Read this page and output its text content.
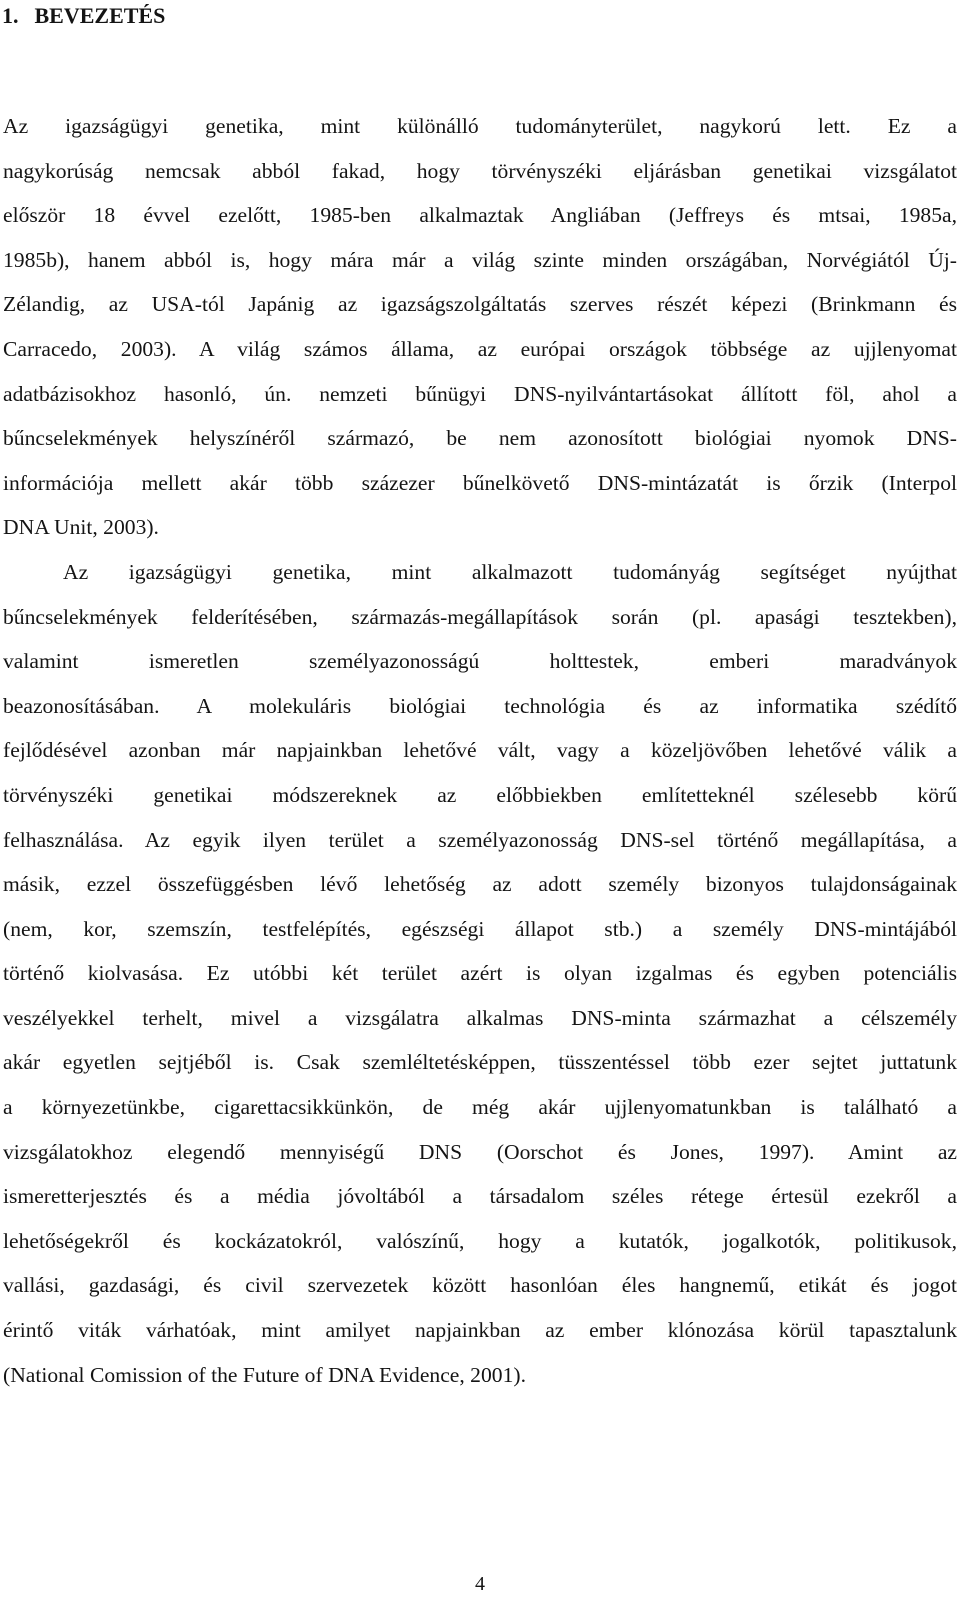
1. BEVEZETÉS
Az igazságügyi genetika, mint különálló tudományterület, nagykorú lett. Ez a
nagykorúság nemcsak abból fakad, hogy törvényszéki eljárásban genetikai vizsgálatot
először 18 évvel ezelőtt, 1985-ben alkalmaztak Angliában (Jeffreys és mtsai, 1985a,
1985b), hanem abból is, hogy mára már a világ szinte minden országában, Norvégiától Új-
Zélandig, az USA-tól Japánig az igazságszolgáltatás szerves részét képezi (Brinkmann és
Carracedo, 2003). A világ számos állama, az európai országok többsége az ujjlenyomat
adatbázisokhoz hasonló, ún. nemzeti bűnügyi DNS-nyilvántartásokat állított föl, ahol a
bűncselekmények helyszínéről származó, be nem azonosított biológiai nyomok DNS-
információja mellett akár több százezer bűnelkövető DNS-mintázatát is őrzik (Interpol
DNA Unit, 2003).
Az igazságügyi genetika, mint alkalmazott tudományág segítséget nyújthat
bűncselekmények felderítésében, származás-megállapítások során (pl. apasági tesztekben),
valamint ismeretlen személyazonosságú holttestek, emberi maradványok
beazonosításában. A molekuláris biológiai technológia és az informatika szédítő
fejlődésével azonban már napjainkban lehetővé vált, vagy a közeljövőben lehetővé válik a
törvényszéki genetikai módszereknek az előbbiekben említetteknél szélesebb körű
felhasználása. Az egyik ilyen terület a személyazonosság DNS-sel történő megállapítása, a
másik, ezzel összefüggésben lévő lehetőség az adott személy bizonyos tulajdonságainak
(nem, kor, szemszín, testfelépítés, egészségi állapot stb.) a személy DNS-mintájából
történő kiolvasása. Ez utóbbi két terület azért is olyan izgalmas és egyben potenciális
veszélyekkel terhelt, mivel a vizsgálatra alkalmas DNS-minta származhat a célszemély
akár egyetlen sejtjéből is. Csak szemléltetésképpen, tüsszentéssel több ezer sejtet juttatunk
a környezetünkbe, cigarettacsikkünkön, de még akár ujjlenyomatunkban is található a
vizsgálatokhoz elegendő mennyiségű DNS (Oorschot és Jones, 1997). Amint az
ismeretterjesztés és a média jóvoltából a társadalom széles rétege értesül ezekről a
lehetőségekről és kockázatokról, valószínű, hogy a kutatók, jogalkotók, politikusok,
vallási, gazdasági, és civil szervezetek között hasonlóan éles hangnemű, etikát és jogot
érintő viták várhatóak, mint amilyet napjainkban az ember klónozása körül tapasztalunk
(National Comission of the Future of DNA Evidence, 2001).
4
